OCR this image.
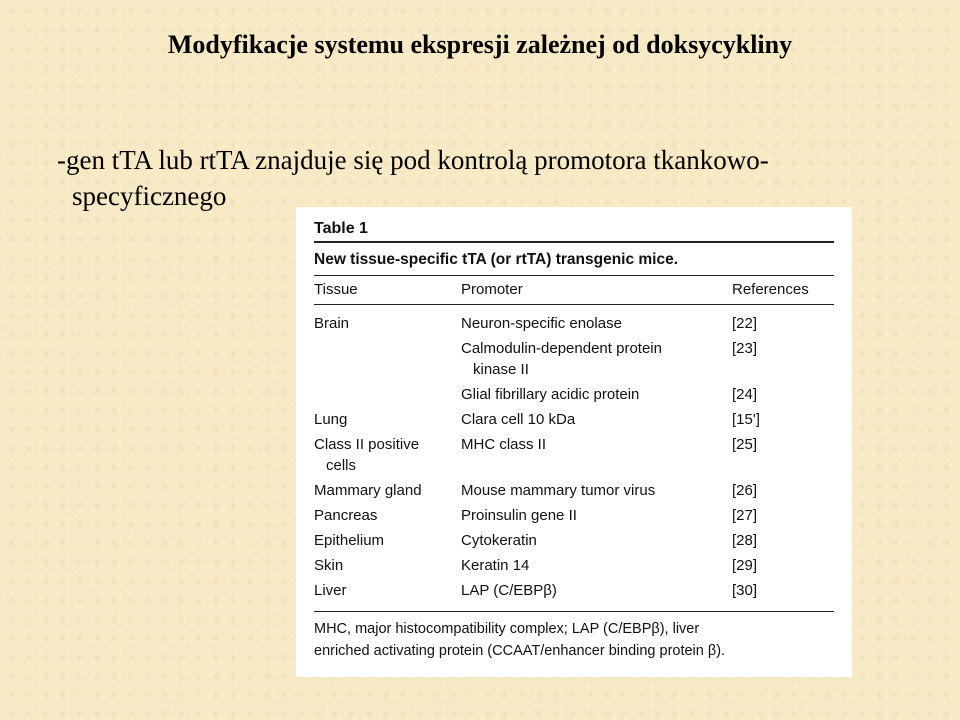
Modyfikacje systemu ekspresji zależnej od doksycykliny
-gen tTA lub rtTA znajduje się pod kontrolą promotora tkankowo-
specyficznego
Table 1
New tissue-specific tTA (or rtTA) transgenic mice.
Tissue	Promoter	References
Brain	Neuron-specific enolase	[22]
	Calmodulin-dependent protein
kinase II	[23]
	Glial fibrillary acidic protein	[24]
Lung	Clara cell 10 kDa	[15']
Class II positive
cells	MHC class II	[25]
Mammary gland	Mouse mammary tumor virus	[26]
Pancreas	Proinsulin gene II	[27]
Epithelium	Cytokeratin	[28]
Skin	Keratin 14	[29]
Liver	LAP (C/EBPβ)	[30]
MHC, major histocompatibility complex; LAP (C/EBPβ), liver
enriched activating protein (CCAAT/enhancer binding protein β).
